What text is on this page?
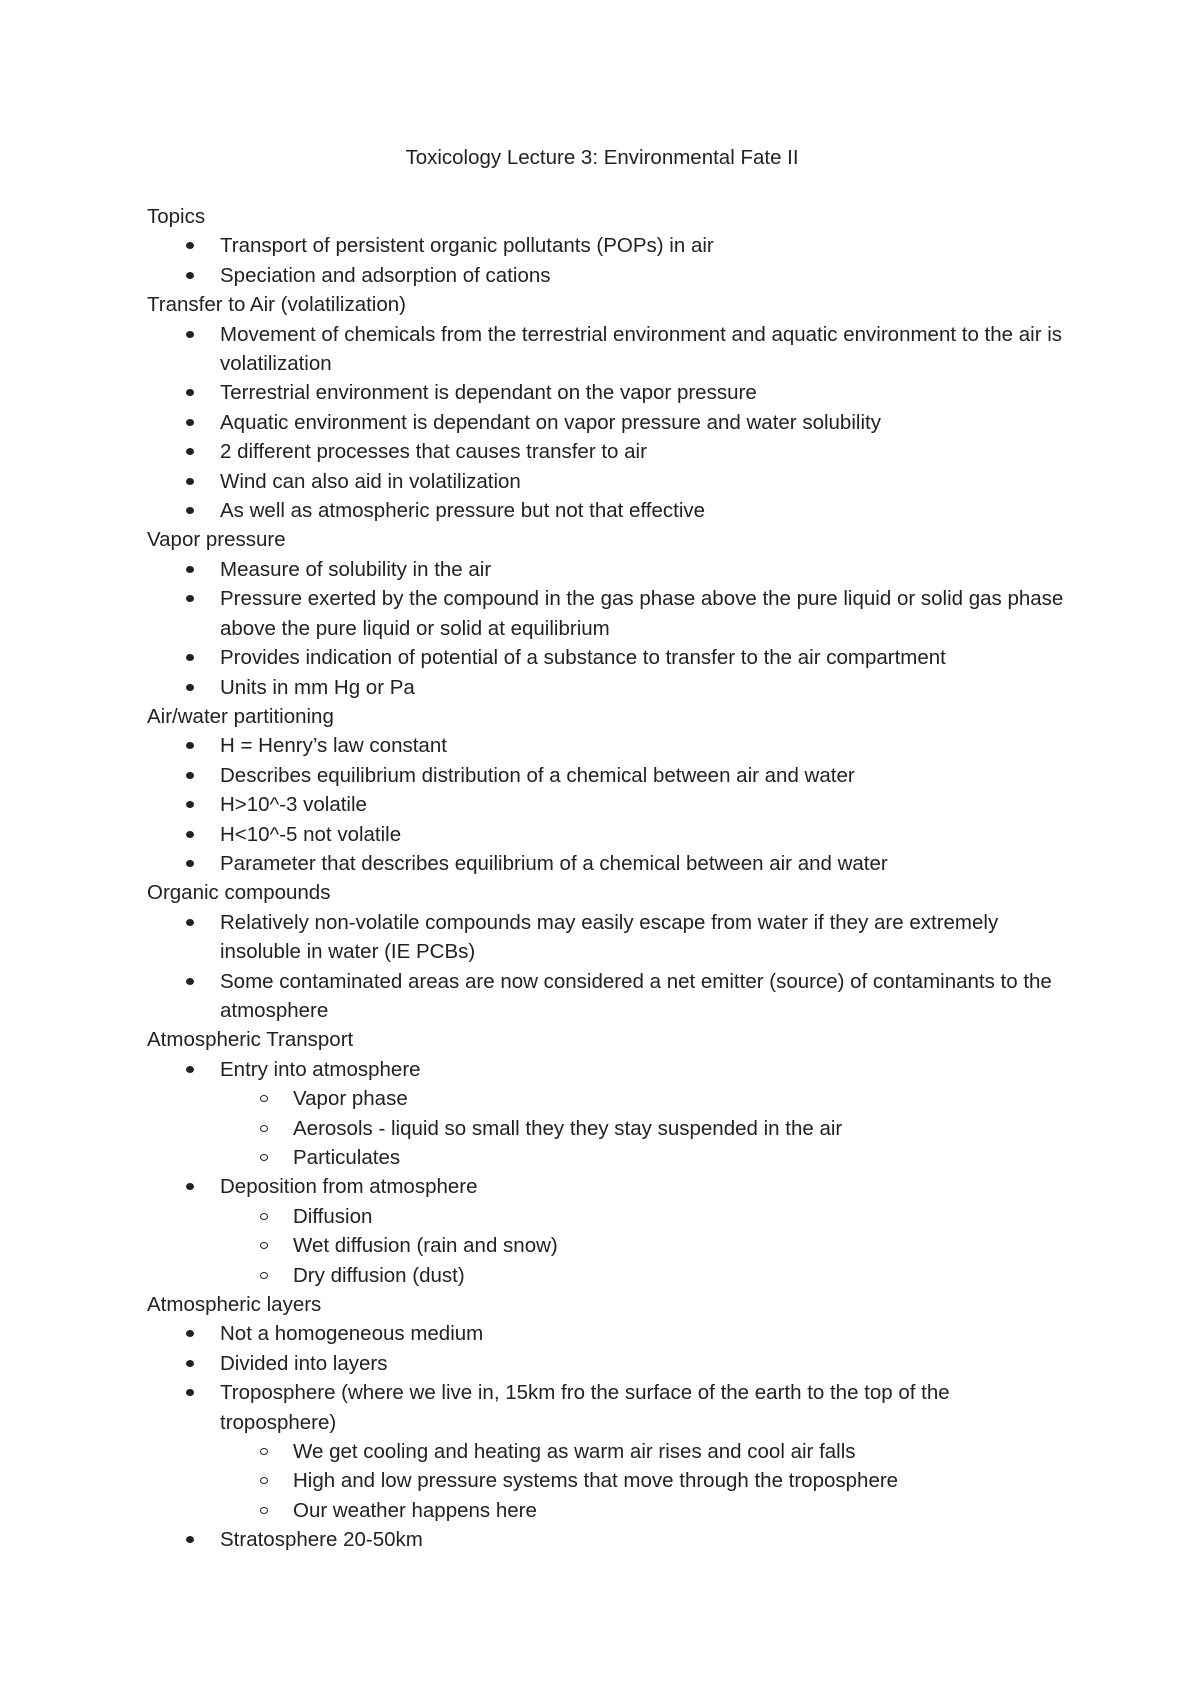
Toxicology Lecture 3: Environmental Fate II
Topics
Transport of persistent organic pollutants (POPs) in air
Speciation and adsorption of cations
Transfer to Air (volatilization)
Movement of chemicals from the terrestrial environment and aquatic environment to the air is volatilization
Terrestrial environment is dependant on the vapor pressure
Aquatic environment is dependant on vapor pressure and water solubility
2 different processes that causes transfer to air
Wind can also aid in volatilization
As well as atmospheric pressure but not that effective
Vapor pressure
Measure of solubility in the air
Pressure exerted by the compound in the gas phase above the pure liquid or solid gas phase above the pure liquid or solid at equilibrium
Provides indication of potential of a substance to transfer to the air compartment
Units in mm Hg or Pa
Air/water partitioning
H = Henry’s law constant
Describes equilibrium distribution of a chemical between air and water
H>10^-3 volatile
H<10^-5 not volatile
Parameter that describes equilibrium of a chemical between air and water
Organic compounds
Relatively non-volatile compounds may easily escape from water if they are extremely insoluble in water (IE PCBs)
Some contaminated areas are now considered a net emitter (source) of contaminants to the atmosphere
Atmospheric Transport
Entry into atmosphere
Vapor phase
Aerosols - liquid so small they they stay suspended in the air
Particulates
Deposition from atmosphere
Diffusion
Wet diffusion (rain and snow)
Dry diffusion (dust)
Atmospheric layers
Not a homogeneous medium
Divided into layers
Troposphere (where we live in, 15km fro the surface of the earth to the top of the troposphere)
We get cooling and heating as warm air rises and cool air falls
High and low pressure systems that move through the troposphere
Our weather happens here
Stratosphere 20-50km
